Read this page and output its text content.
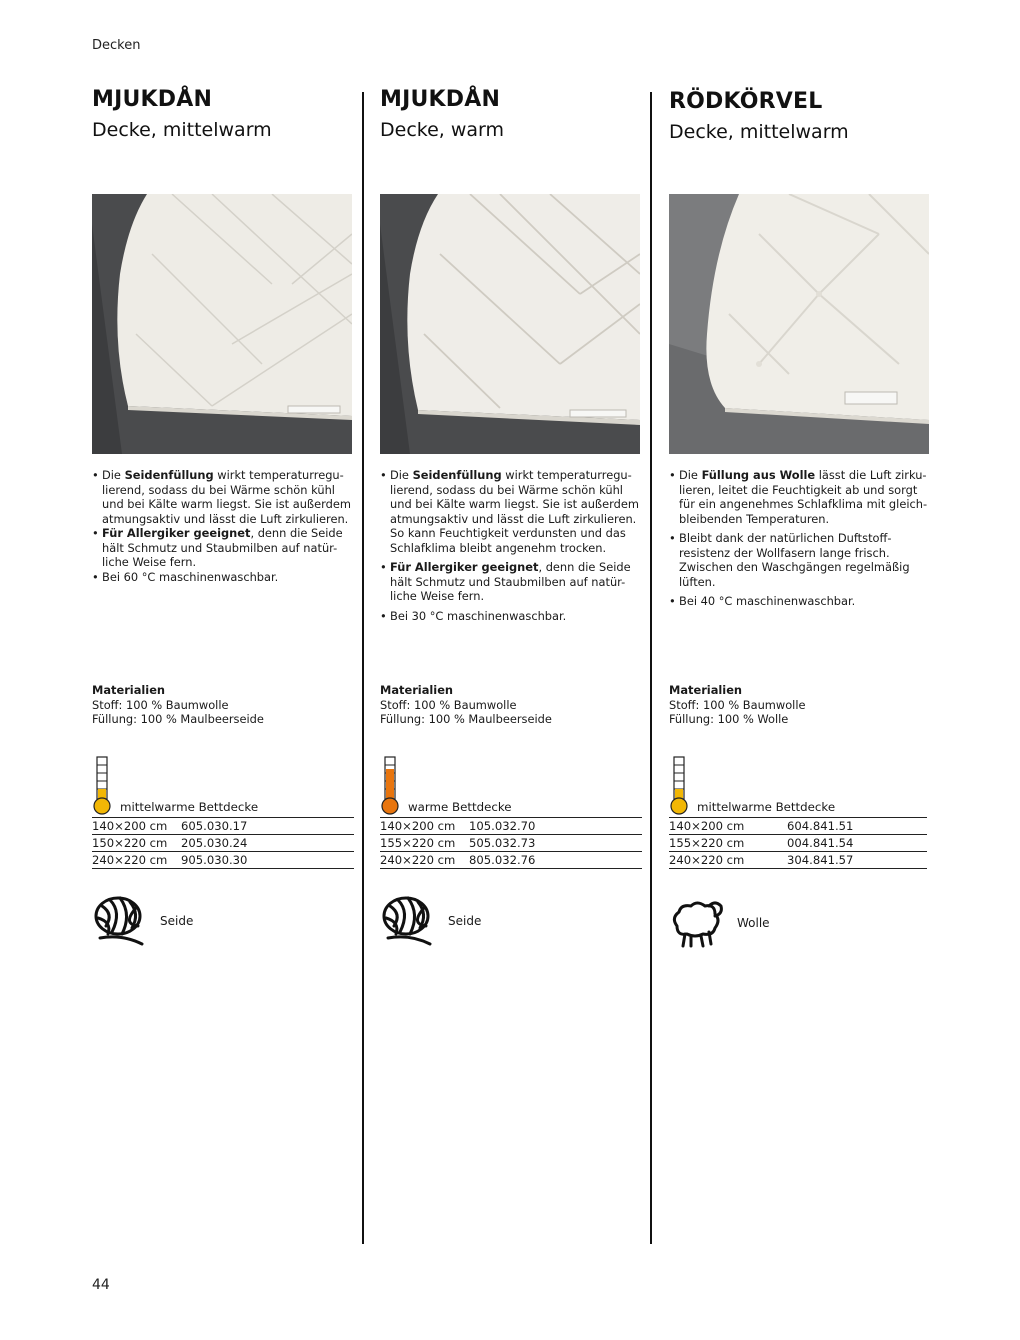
Decken
MJUKDÅN
Decke, mittelwarm
• Die Seidenfüllung wirkt temperaturregu-lierend, sodass du bei Wärme schön kühl und bei Kälte warm liegst. Sie ist außerdem atmungsaktiv und lässt die Luft zirkulieren.
• Für Allergiker geeignet, denn die Seide hält Schmutz und Staubmilben auf natür-liche Weise fern.
• Bei 60 °C maschinenwaschbar.
Materialien
Stoff: 100 % Baumwolle
Füllung: 100 % Maulbeerseide
mittelwarme Bettdecke
140×200 cm	605.030.17
150×220 cm	205.030.24
240×220 cm	905.030.30
Seide
MJUKDÅN
Decke, warm
• Die Seidenfüllung wirkt temperaturregu-lierend, sodass du bei Wärme schön kühl und bei Kälte warm liegst. Sie ist außerdem atmungsaktiv und lässt die Luft zirkulieren. So kann Feuchtigkeit verdunsten und das Schlafklima bleibt angenehm trocken.
• Für Allergiker geeignet, denn die Seide hält Schmutz und Staubmilben auf natür-liche Weise fern.
• Bei 30 °C maschinenwaschbar.
Materialien
Stoff: 100 % Baumwolle
Füllung: 100 % Maulbeerseide
warme Bettdecke
140×200 cm	105.032.70
155×220 cm	505.032.73
240×220 cm	805.032.76
Seide
RÖDKÖRVEL
Decke, mittelwarm
• Die Füllung aus Wolle lässt die Luft zirku-lieren, leitet die Feuchtigkeit ab und sorgt für ein angenehmes Schlafklima mit gleich-bleibenden Temperaturen.
• Bleibt dank der natürlichen Duftstoff-resistenz der Wollfasern lange frisch. Zwischen den Waschgängen regelmäßig lüften.
• Bei 40 °C maschinenwaschbar.
Materialien
Stoff: 100 % Baumwolle
Füllung: 100 % Wolle
mittelwarme Bettdecke
140×200 cm	604.841.51
155×220 cm	004.841.54
240×220 cm	304.841.57
Wolle
44
